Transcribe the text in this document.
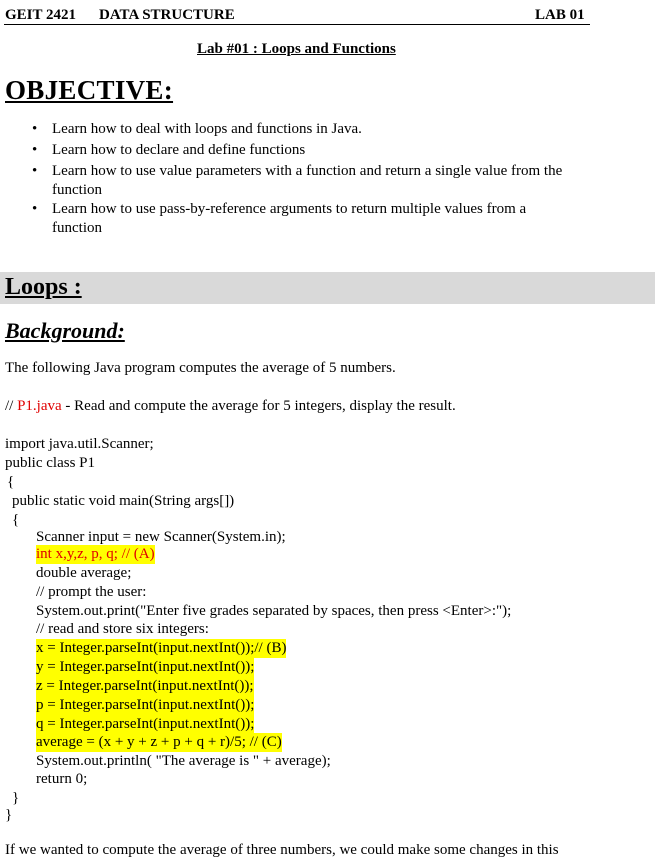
GEIT 2421 DATA STRUCTURE	LAB 01
Lab #01 : Loops and Functions
OBJECTIVE:
• Learn how to deal with loops and functions in Java.
• Learn how to declare and define functions
• Learn how to use value parameters with a function and return a single value from the
function
• Learn how to use pass-by-reference arguments to return multiple values from a
function
Loops :
Background:
The following Java program computes the average of 5 numbers.
// P1.java - Read and compute the average for 5 integers, display the result.
import java.util.Scanner;
public class P1
{
public static void main(String args[])
{
Scanner input = new Scanner(System.in);
int x,y,z, p, q; // (A)
double average;
// prompt the user:
System.out.print("Enter five grades separated by spaces, then press <Enter>:");
// read and store six integers:
x = Integer.parseInt(input.nextInt());// (B)
y = Integer.parseInt(input.nextInt());
z = Integer.parseInt(input.nextInt());
p = Integer.parseInt(input.nextInt());
q = Integer.parseInt(input.nextInt());
average = (x + y + z + p + q + r)/5; // (C)
System.out.println( "The average is " + average);
return 0;
}
}
If we wanted to compute the average of three numbers, we could make some changes in this
